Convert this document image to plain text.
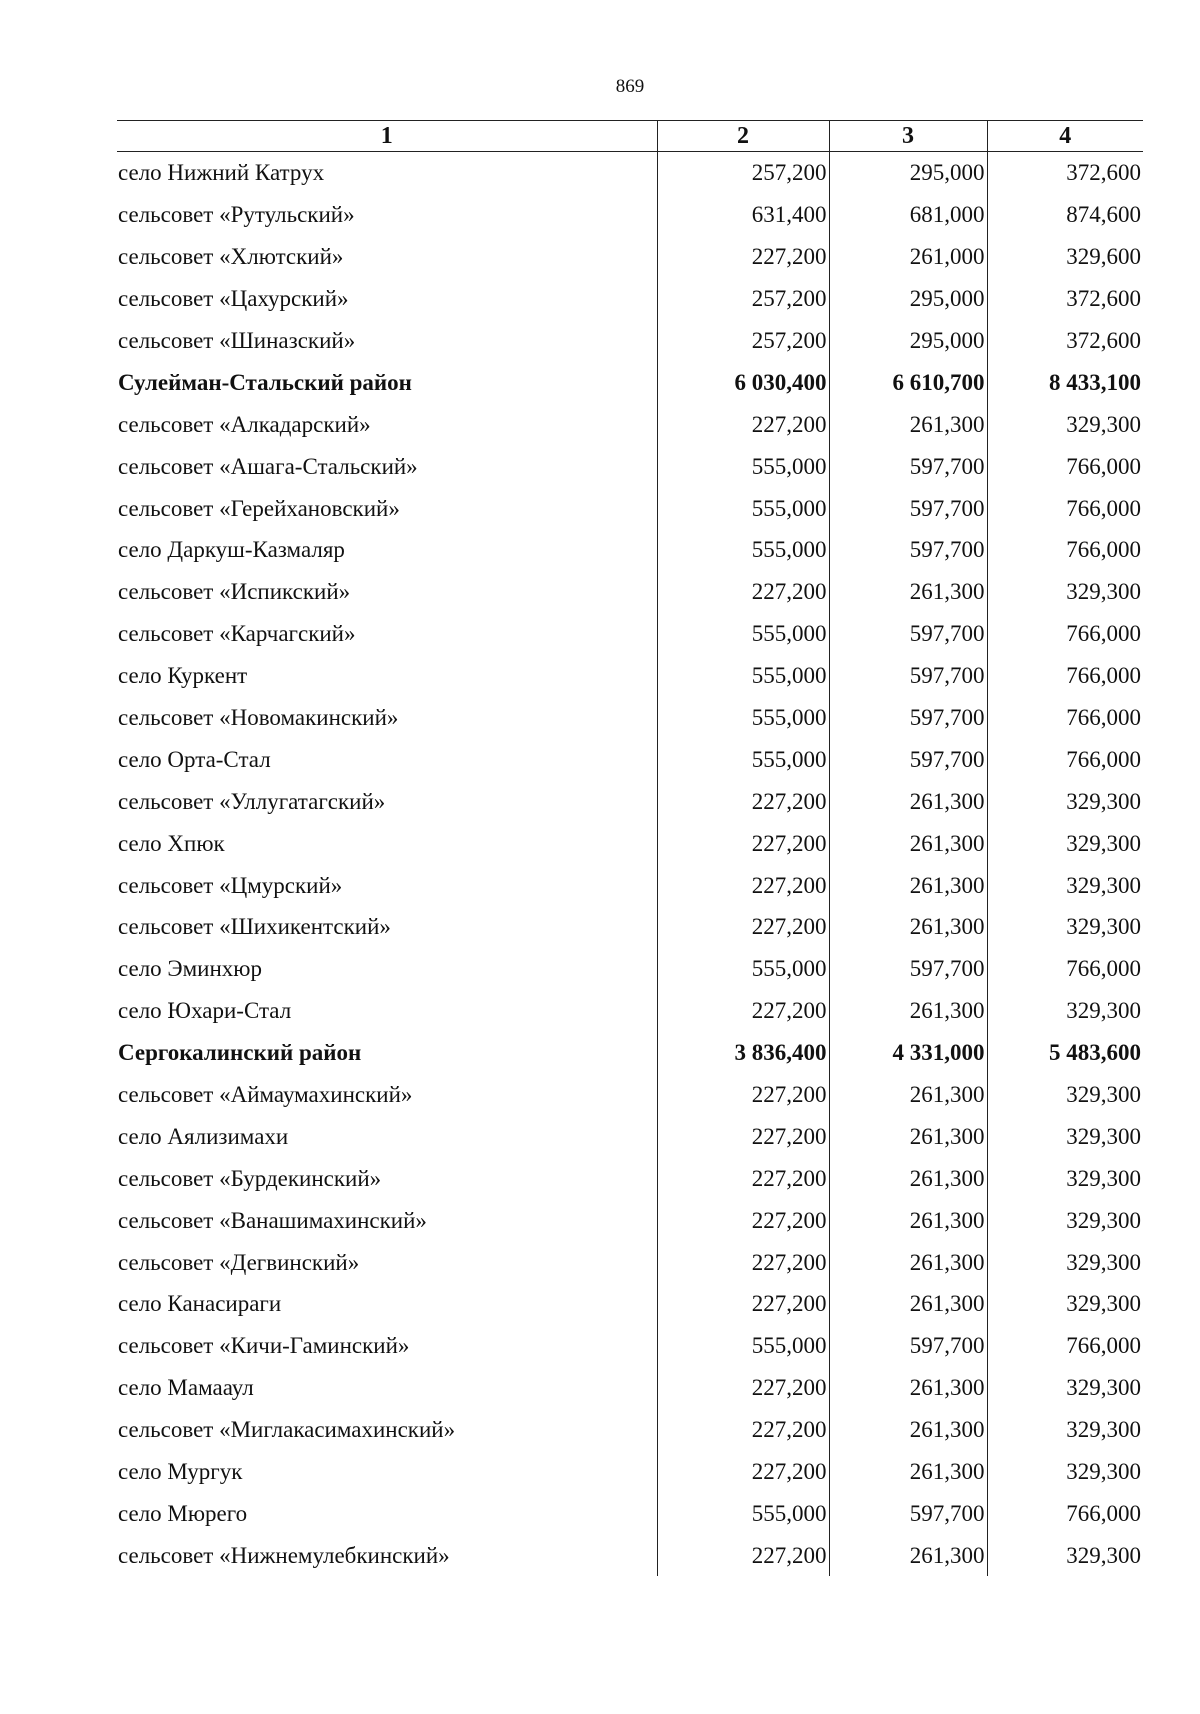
869
1	2	3	4
село Нижний Катрух	257,200	295,000	372,600
сельсовет «Рутульский»	631,400	681,000	874,600
сельсовет «Хлютский»	227,200	261,000	329,600
сельсовет «Цахурский»	257,200	295,000	372,600
сельсовет «Шиназский»	257,200	295,000	372,600
Сулейман-Стальский район	6 030,400	6 610,700	8 433,100
сельсовет «Алкадарский»	227,200	261,300	329,300
сельсовет «Ашага-Стальский»	555,000	597,700	766,000
сельсовет «Герейхановский»	555,000	597,700	766,000
село Даркуш-Казмаляр	555,000	597,700	766,000
сельсовет «Испикский»	227,200	261,300	329,300
сельсовет «Карчагский»	555,000	597,700	766,000
село Куркент	555,000	597,700	766,000
сельсовет «Новомакинский»	555,000	597,700	766,000
село Орта-Стал	555,000	597,700	766,000
сельсовет «Уллугатагский»	227,200	261,300	329,300
село Хпюк	227,200	261,300	329,300
сельсовет «Цмурский»	227,200	261,300	329,300
сельсовет «Шихикентский»	227,200	261,300	329,300
село Эминхюр	555,000	597,700	766,000
село Юхари-Стал	227,200	261,300	329,300
Сергокалинский район	3 836,400	4 331,000	5 483,600
сельсовет «Аймаумахинский»	227,200	261,300	329,300
село Аялизимахи	227,200	261,300	329,300
сельсовет «Бурдекинский»	227,200	261,300	329,300
сельсовет «Ванашимахинский»	227,200	261,300	329,300
сельсовет «Дегвинский»	227,200	261,300	329,300
село Канасираги	227,200	261,300	329,300
сельсовет «Кичи-Гаминский»	555,000	597,700	766,000
село Мамааул	227,200	261,300	329,300
сельсовет «Миглакасимахинский»	227,200	261,300	329,300
село Мургук	227,200	261,300	329,300
село Мюрего	555,000	597,700	766,000
сельсовет «Нижнемулебкинский»	227,200	261,300	329,300
